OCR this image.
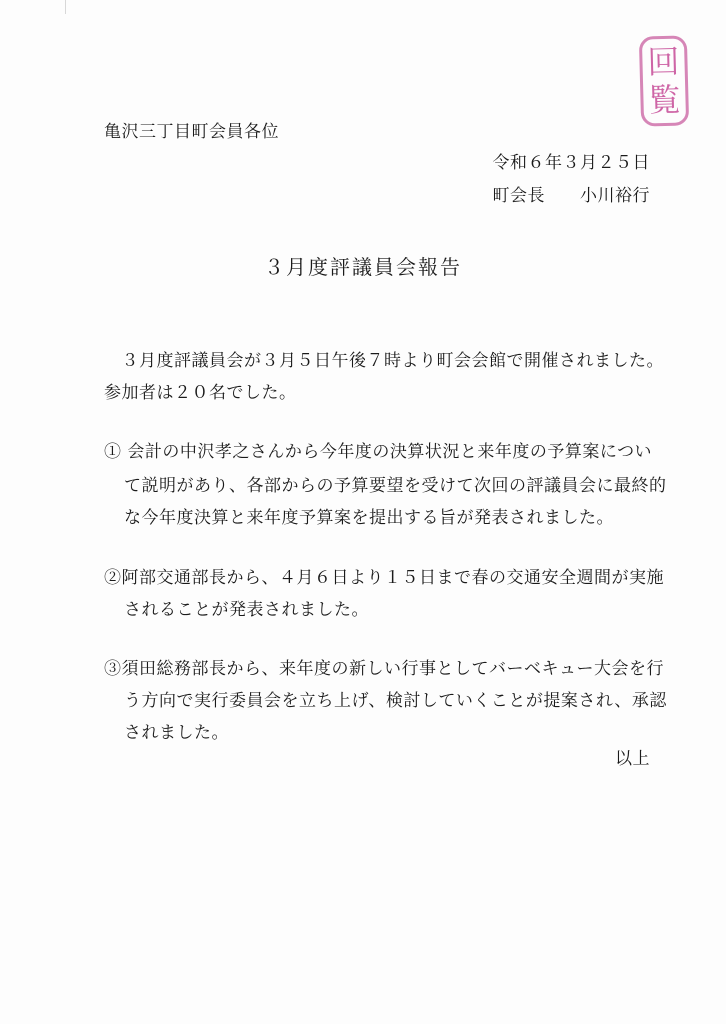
回
覧
亀沢三丁目町会員各位
令和６年３月２５日
町会長　　小川裕行
３月度評議員会報告
　３月度評議員会が３月５日午後７時より町会会館で開催されました。
参加者は２０名でした。
① 会計の中沢孝之さんから今年度の決算状況と来年度の予算案につい
て説明があり、各部からの予算要望を受けて次回の評議員会に最終的
な今年度決算と来年度予算案を提出する旨が発表されました。
②阿部交通部長から、４月６日より１５日まで春の交通安全週間が実施
されることが発表されました。
③須田総務部長から、来年度の新しい行事としてバーベキュー大会を行
う方向で実行委員会を立ち上げ、検討していくことが提案され、承認
されました。
以上
